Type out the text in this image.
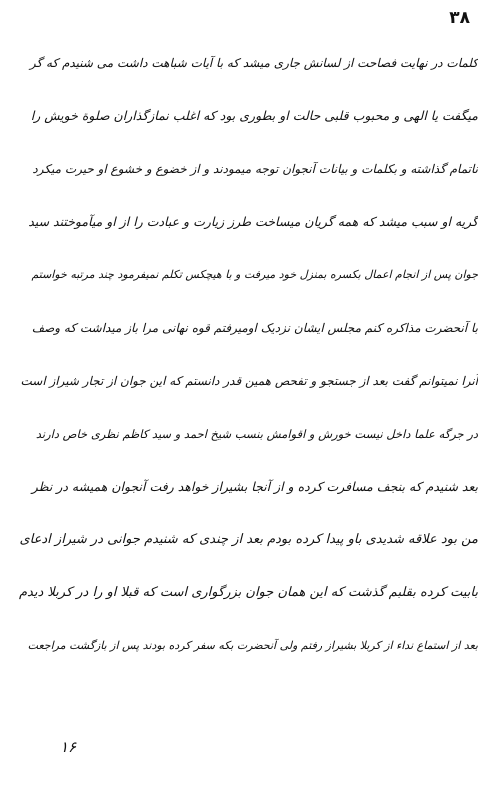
۳۸
کلمات در نهایت فصاحت از لسانش جاری میشد که با آیات شباهت داشت می شنیدم که گر
میگفت یا الهی و محبوب قلبی حالت او بطوری بود که اغلب نمازگذاران صلوة خویش را
ناتمام گذاشته و بکلمات و بیانات آنجوان توجه میمودند و از خضوع و خشوع او حیرت میکرد
گریه او سبب میشد که همه گریان میساخت طرز زیارت و عبادت را از او میآموختند سید
جوان پس از انجام اعمال بکسره بمنزل خود میرفت و با هیچکس تکلم نمیفرمود چند مرتبه خواستم
با آنحضرت مذاکره کنم مجلس ایشان نزدیک اومیرفتم قوه نهانی مرا باز میداشت که وصف
آنرا نمیتوانم گفت بعد از جستجو و تفحص همین قدر دانستم که این جوان از تجار شیراز است
در جرگه علما داخل نیست خورش و اقوامش بنسب شیخ احمد و سید کاظم نظری خاص دارند
بعد شنیدم که بنجف مسافرت کرده و از آنجا بشیراز خواهد رفت آنجوان همیشه در نظر
من بود علاقه شدیدی باو پیدا کرده بودم بعد از چندی که شنیدم جوانی در شیراز ادعای
بابیت کرده بقلبم گذشت که این همان جوان بزرگواری است که قبلا او را در کربلا دیدم
بعد از استماع نداء از کربلا بشیراز رفتم ولی آنحضرت بکه سفر کرده بودند پس از بازگشت مراجعت
۱۶
